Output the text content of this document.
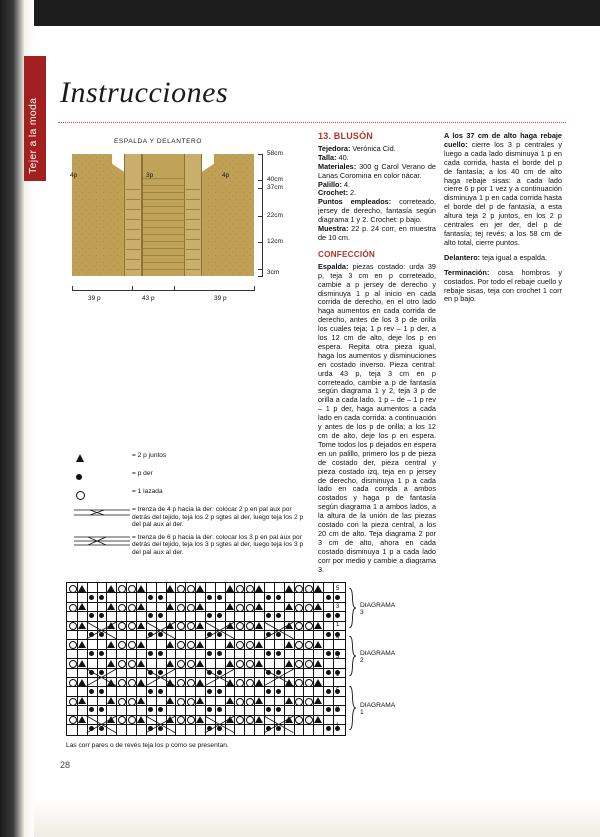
Tejer a la moda
Instrucciones
ESPALDA Y DELANTERO
4p	3p	4p
58cm
40cm
37cm
22cm
12cm
3cm
39 p	43 p	39 p
= 2 p juntos
= p der
= 1 lazada
= trenza de 4 p hacia la der: colocar 2 p en pal aux por detrás del tejido, teja los 2 p sgtes al der, luego teja los 2 p del pal aux al der.
= trenza de 6 p hacia la der: colocar los 3 p en pal aux por detrás del tejido, teja los 3 p sgtes al der, luego teja los 3 p del pal aux al der.
13. BLUSÓN

Tejedora: Verónica Cid.

Talla: 40.

Materiales: 300 g Carol Verano de Lanas Coromina en color nácar.

Palillo: 4.

Crochet: 2.

Puntos empleados: correteado, jersey de derecho, fantasía según diagrama 1 y 2. Crochet: p bajo.

Muestra: 22 p. 24 corr, en muestra de 10 cm.

CONFECCIÓN

Espalda: piezas costado: urda 39 p, teja 3 cm en p correteado, cambie a p jersey de derecho y disminuya 1 p al inicio en cada corrida de derecho, en el otro lado haga aumentos en cada corrida de derecho, antes de los 3 p de orilla los cuales teja; 1 p rev – 1 p der, a los 12 cm de alto, deje los p en espera. Repita otra pieza igual, haga los aumentos y disminuciones en costado inverso. Pieza central: urda 43 p, teja 3 cm en p correteado, cambie a p de fantasía según diagrama 1 y 2, teja 3 p de orilla a cada lado. 1 p – de – 1 p rev – 1 p der, haga aumentos a cada lado en cada corrida: a continuación y antes de los p de orilla; a los 12 cm de alto, deje los p en espera. Tome todos los p dejados en espera en un palillo, primero los p de pieza de costado der, pieza central y pieza costado izq, teja en p jersey de derecho, disminuya 1 p a cada lado en cada corrida a ambos costados y haga p de fantasía según diagrama 1 a ambos lados, a la altura de la unión de las piezas costado con la pieza central, a los 20 cm de alto. Teja diagrama 2 por 3 cm de alto, ahora en cada costado disminuya 1 p a cada lado corr por medio y cambie a diagrama 3.

A los 37 cm de alto haga rebaje cuello: cierre los 3 p centrales y luego a cada lado disminuya 1 p en cada corrida, hasta el borde del p de fantasía; a los 40 cm de alto haga rebaje sisas: a cada lado cierre 6 p por 1 vez y a continuación disminuya 1 p en cada corrida hasta el borde del p de fantasía, a esta altura teja 2 p juntos, en los 2 p centrales en jer der, del p de fantasía; tej revés; a los 58 cm de alto total, cierre puntos.

Delantero: teja igual a espalda.

Terminación: cosa hombros y costados. Por todo el rebaje cuello y rebaje sisas, teja con crochet 1 corr en p bajo.

DIAGRAMA 3
DIAGRAMA 2
DIAGRAMA 1
5
3
1
5
3
1
5
3
1
Las corr pares o de revés teja los p como se presentan.
28
